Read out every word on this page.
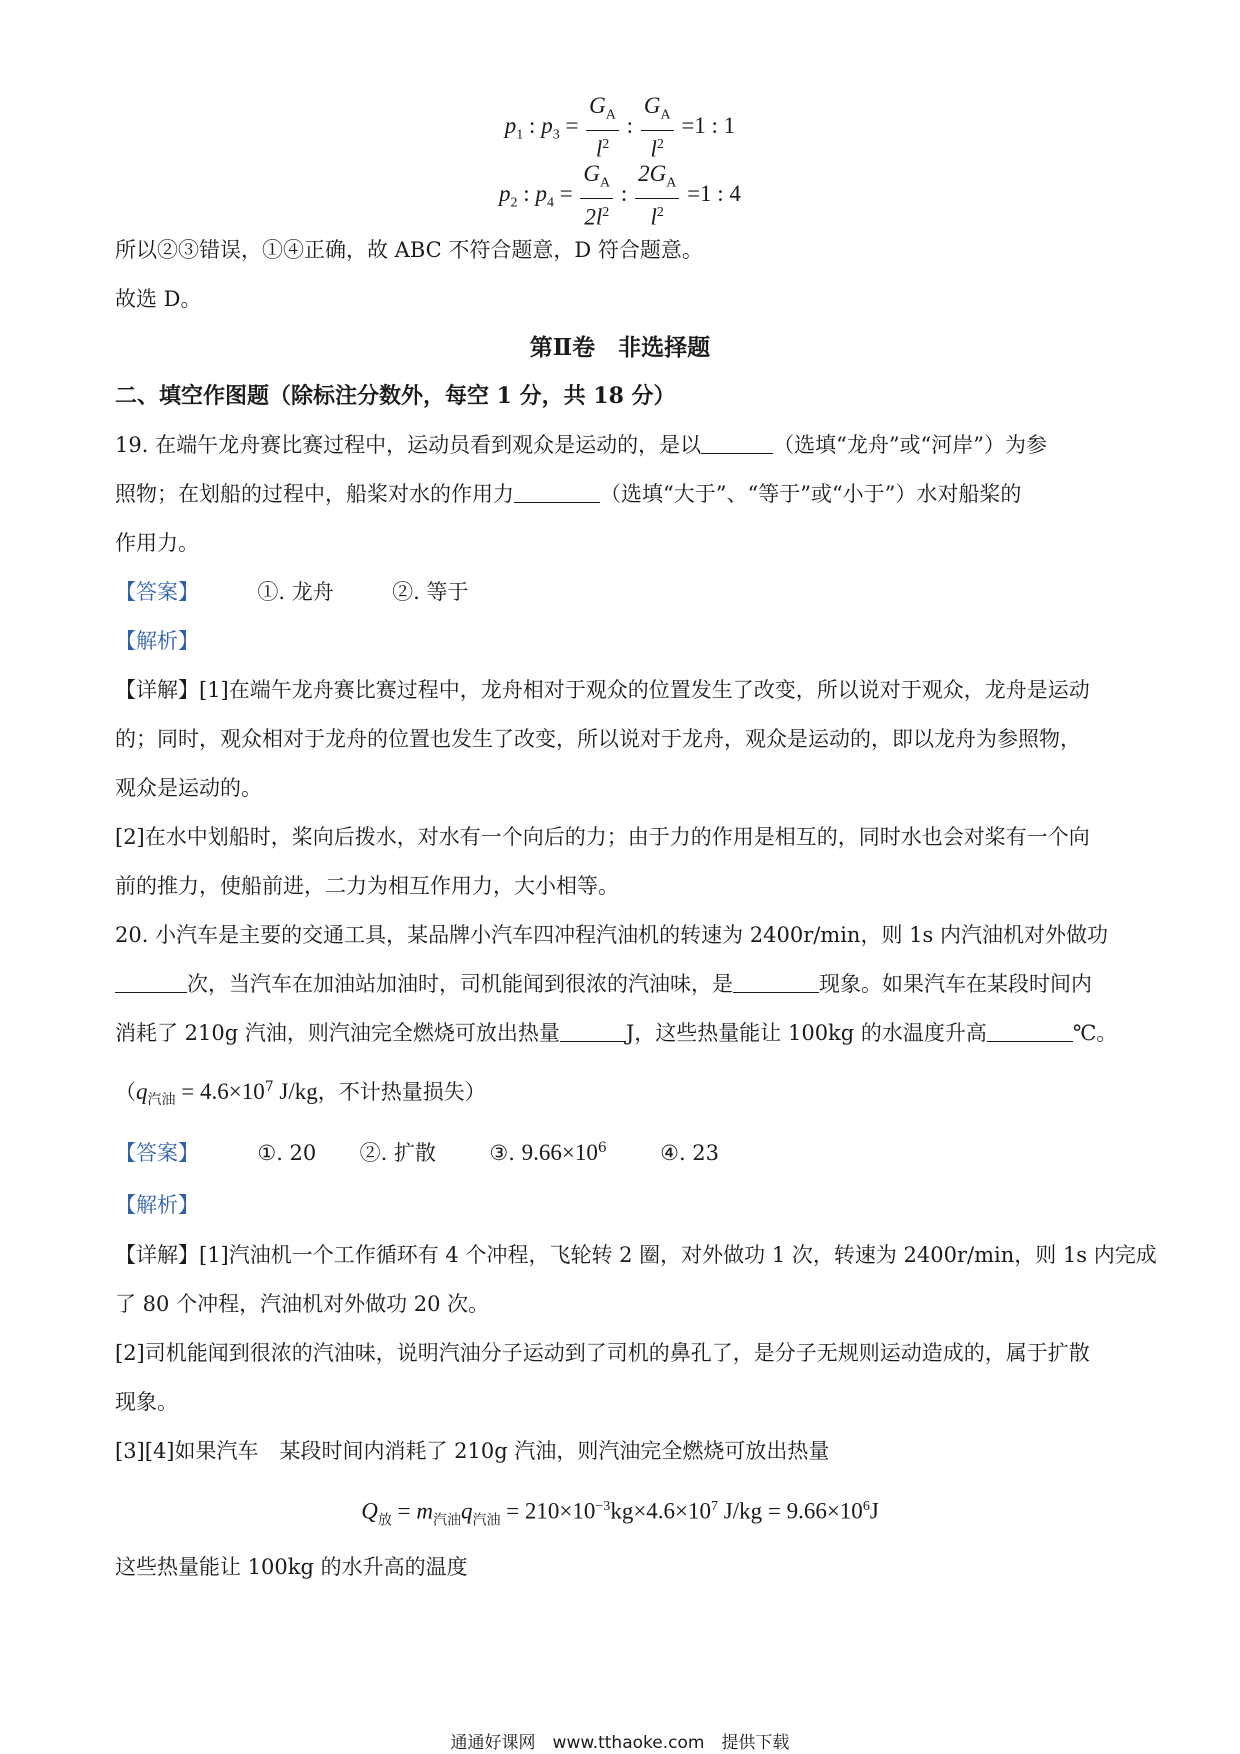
$p_1$ : $p_3 = \frac{G_A}{l^2}$ : $\frac{G_A}{l^2} =1$ : 1
$p_2$ : $p_4 = \frac{G_A}{2l^2}$ : $\frac{2G_A}{l^2} =1$ : 4
所以②③错误，①④正确，故 ABC 不符合题意，D 符合题意。
故选 D。
第Ⅱ卷　非选择题
二、填空作图题（除标注分数外，每空 1 分，共 18 分）
19. 在端午龙舟赛比赛过程中，运动员看到观众是运动的，是以	（选填“龙舟”或“河岸”）为参
照物；在划船的过程中，船桨对水的作用力	（选填“大于”、“等于”或“小于”）水对船桨的
作用力。
【答案】	①. 龙舟	②. 等于
【解析】
【详解】[1]在端午龙舟赛比赛过程中，龙舟相对于观众的位置发生了改变，所以说对于观众，龙舟是运动
的；同时，观众相对于龙舟的位置也发生了改变，所以说对于龙舟，观众是运动的，即以龙舟为参照物，
观众是运动的。
[2]在水中划船时，桨向后拨水，对水有一个向后的力；由于力的作用是相互的，同时水也会对桨有一个向
前的推力，使船前进，二力为相互作用力，大小相等。
20. 小汽车是主要的交通工具，某品牌小汽车四冲程汽油机的转速为 2400r/min，则 1s 内汽油机对外做功
次，当汽车在加油站加油时，司机能闻到很浓的汽油味，是	现象。如果汽车在某段时间内
消耗了 210g 汽油，则汽油完全燃烧可放出热量	J，这些热量能让 100kg 的水温度升高	℃。
（$q_{汽油} = 4.6\times 10^7$ J/kg，不计热量损失）
【答案】	①. 20 ②. 扩散	③. $9.66\times 10^6$	④. 23
【解析】
【详解】[1]汽油机一个工作循环有 4 个冲程，飞轮转 2 圈，对外做功 1 次，转速为 2400r/min，则 1s 内完成
了 80 个冲程，汽油机对外做功 20 次。
[2]司机能闻到很浓的汽油味，说明汽油分子运动到了司机的鼻孔了，是分子无规则运动造成的，属于扩散
现象。
[3][4]如果汽车　某段时间内消耗了 210g 汽油，则汽油完全燃烧可放出热量
$Q_放 = m_{汽油}q_{汽油} = 210\times 10^{-3}kg\times 4.6\times 10^7$ $J/kg = 9.66\times 10^6J$
这些热量能让 100kg 的水升高的温度
通通好课网　www.tthaoke.com　提供下载
